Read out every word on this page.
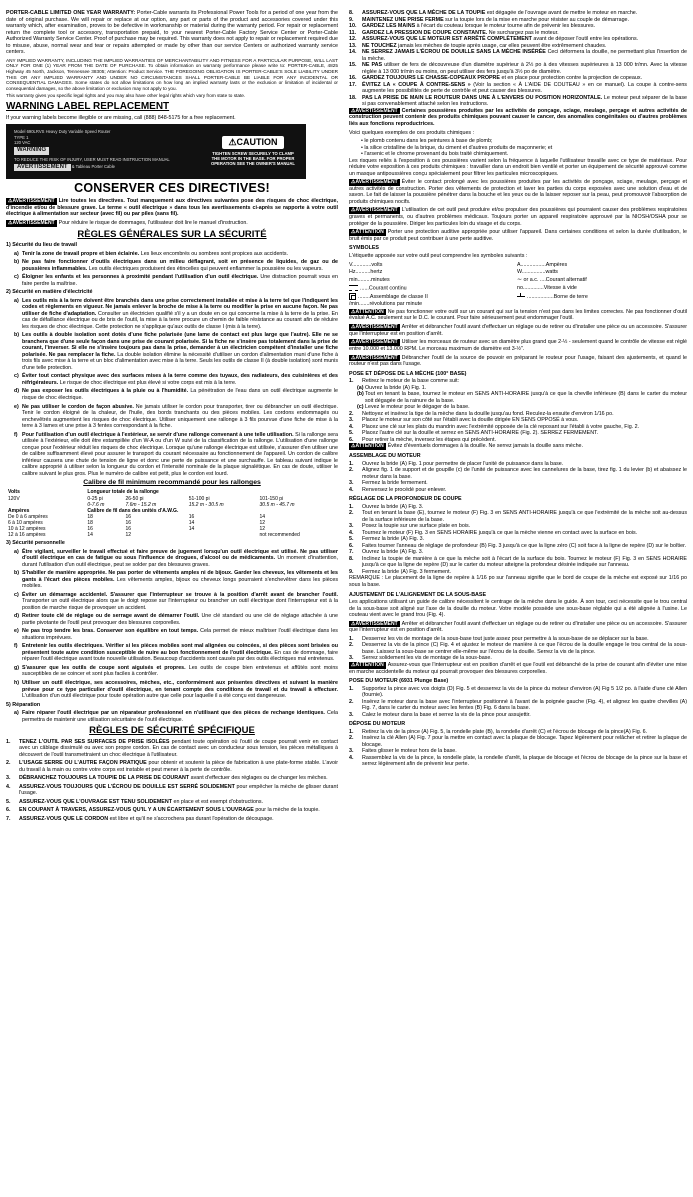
PORTER-CABLE LIMITED ONE YEAR WARRANTY: Porter-Cable warrants its Professional Power Tools for a period of one year from the date of original purchase. We will repair or replace at our option, any part or parts of the product and accessories covered under this warranty which, after examination, proves to be defective in workmanship or material during the warranty period. For repair or replacement return the complete tool or accessory, transportation prepaid, to your nearest Porter-Cable Factory Service Center or Porter-Cable Authorized Warranty Service Center. Proof of purchase may be required. This warranty does not apply to repair or replacement required due to misuse, abuse, normal wear and tear or repairs attempted or made by other than our service Centers or authorized warranty service centers.

ANY IMPLIED WARRANTY, INCLUDING THE IMPLIED WARRANTIES OF MERCHANTABILITY AND FITNESS FOR A PARTICULAR PURPOSE, WILL LAST ONLY FOR ONE (1) YEAR FROM THE DATE OF PURCHASE. To obtain information on warranty performance please write to: PORTER-CABLE, 4825 Highway 45 North, Jackson, Tennessee 38305; Attention: Product Service. THE FOREGOING OBLIGATION IS PORTER-CABLE'S SOLE LIABILITY UNDER THIS OR ANY IMPLIED WARRANTY AND UNDER NO CIRCUMSTANCES SHALL PORTER-CABLE BE LIABLE FOR ANY INCIDENTAL OR CONSEQUENTIAL DAMAGES. Some states do not allow limitations on how long an implied warranty lasts or the exclusion or limitation of incidental or consequential damages, so the above limitation or exclusion may not apply to you.

This warranty gives you specific legal rights and you may also have other legal rights which vary from state to state.

WARNING LABEL REPLACEMENT

If your warning labels become illegible or are missing, call (888) 848-5175 for a free replacement.

Model 690LRVS Heavy Duty Variable Speed Router
TYPE 1
120 VAC
WARNING
TO REDUCE THE RISK OF INJURY, USER MUST READ INSTRUCTION MANUAL
AVERTISSEMENT & Tableau Porter Cable
⚠CAUTION
TIGHTEN SCREW SECURELY TO CLAMP THE MOTOR IN THE BASE. FOR PROPER OPERATION SEE THE OWNER'S MANUAL
CONSERVER CES DIRECTIVES!

⚠AVERTISSEMENT Lire toutes les directives. Tout manquement aux directives suivantes pose des risques de choc électrique, d'incendie et/ou de blessure grave. Le terme « outil électrique » dans tous les avertissements ci-après se rapporte à votre outil électrique à alimentation sur secteur (avec fil) ou par piles (sans fil).

⚠AVERTISSEMENT Pour réduire le risque de dommages, l'utilisateur doit lire le manuel d'instruction.

RÈGLES GÉNÉRALES SUR LA SÉCURITÉ
1) Sécurité du lieu de travail
a) Tenir la zone de travail propre et bien éclairée. Les lieux encombrés ou sombres sont propices aux accidents.
b) Ne pas faire fonctionner d'outils électriques dans un milieu déflagrant, soit en présence de liquides, de gaz ou de poussières inflammables. Les outils électriques produisent des étincelles qui peuvent enflammer la poussière ou les vapeurs.
c) Éloigner les enfants et les personnes à proximité pendant l'utilisation d'un outil électrique. Une distraction pourrait vous en faire perdre la maîtrise.
2) Sécurité en matière d'électricité
a) Les outils mis à la terre doivent être branchés dans une prise correctement installée et mise à la terre tel que l'indiquent les codes et règlements en vigueur. Ne jamais enlever la broche de mise à la terre ou modifier la prise en aucune façon. Ne pas utiliser de fiche d'adaptation. Consulter un électricien qualifié s'il y a un doute en ce qui concerne la mise à la terre de la prise. En cas de défaillance électrique ou de bris de l'outil, la mise à la terre procure un chemin de faible résistance au courant afin de réduire les risques de choc électrique. Cette protection ne s'applique qu'aux outils de classe I (mis à la terre).
b) Les outils à double isolation sont dotés d'une fiche polarisée (une lame de contact est plus large que l'autre). Elle ne se branchera que d'une seule façon dans une prise de courant polarisée. Si la fiche ne s'insère pas totalement dans la prise de courant, l'inverser. Si elle ne s'insère toujours pas dans la prise, demander à un électricien compétent d'installer une fiche polarisée. Ne pas remplacer la fiche. La double isolation élimine la nécessité d'utiliser un cordon d'alimentation muni d'une fiche à trois fils avec mise à la terre et un bloc d'alimentation avec mise à la terre. Seuls les outils de classe II (à double isolation) sont munis d'une telle protection.
c) Éviter tout contact physique avec des surfaces mises à la terre comme des tuyaux, des radiateurs, des cuisinières et des réfrigérateurs. Le risque de choc électrique est plus élevé si votre corps est mis à la terre.
d) Ne pas exposer les outils électriques à la pluie ou à l'humidité. La pénétration de l'eau dans un outil électrique augmente le risque de choc électrique.
e) Ne pas utiliser le cordon de façon abusive. Ne jamais utiliser le cordon pour transporter, tirer ou débrancher un outil électrique. Tenir le cordon éloigné de la chaleur, de l'huile, des bords tranchants ou des pièces mobiles. Les cordons endommagés ou enchevêtrés augmentent les risques de choc électrique. Utiliser uniquement une rallonge à 3 fils pourvue d'une fiche de mise à la terre à 3 lames et une prise à 3 fentes correspondant à la fiche.
f) Pour l'utilisation d'un outil électrique à l'extérieur, se servir d'une rallonge convenant à une telle utilisation. Si la rallonge sera utilisée à l'extérieur, elle doit être estampillée d'un W-A ou d'un W suivi de la classification de la rallonge. L'utilisation d'une rallonge conçue pour l'extérieur réduit les risques de choc électrique. Lorsque qu'une rallonge électrique est utilisée, s'assurer d'en utiliser une de calibre suffisamment élevé pour assurer le transport du courant nécessaire au fonctionnement de l'appareil. Un cordon de calibre inférieur causera une chute de tension de ligne et donc une perte de puissance et une surchauffe. Le tableau suivant indique le calibre approprié à utiliser selon la longueur du cordon et l'intensité nominale de la plaque signalétique. En cas de doute, utiliser le calibre suivant le plus gros. Plus le numéro de calibre est petit, plus le cordon est lourd.
Calibre de fil minimum recommandé pour les rallonges
Volts	Longueur totale de la rallonge			
120V	0-25 pi	26-50 pi	51-100 pi	101-150 pi
	0-7.6 m	7.6m - 15.2 m	15.2 m - 30.5 m	30.5 m - 45.7 m
Ampères	Calibre de fil dans des unités d'A.W.G.			
De 0 à 6 ampères	18	16	16	14
6 à 10 ampères	18	16	14	12
10 à 12 ampères	16	16	14	12
12 à 16 ampères	14	12		not recommended
3) Sécurité personnelle
a) Être vigilant, surveiller le travail effectué et faire preuve de jugement lorsqu'un outil électrique est utilisé. Ne pas utiliser d'outil électrique en cas de fatigue ou sous l'influence de drogues, d'alcool ou de médicaments. Un moment d'inattention, durant l'utilisation d'un outil électrique, peut se solder par des blessures graves.
b) S'habiller de manière appropriée. Ne pas porter de vêtements amples ni de bijoux. Garder les cheveux, les vêtements et les gants à l'écart des pièces mobiles. Les vêtements amples, bijoux ou cheveux longs pourraient s'enchevêtrer dans les pièces mobiles.
c) Éviter un démarrage accidentel. S'assurer que l'interrupteur se trouve à la position d'arrêt avant de brancher l'outil. Transporter un outil électrique alors que le doigt repose sur l'interrupteur ou brancher un outil électrique dont l'interrupteur est à la position de marche risque de provoquer un accident.
d) Retirer toute clé de réglage ou de serrage avant de démarrer l'outil. Une clé standard ou une clé de réglage attachée à une partie pivotante de l'outil peut provoquer des blessures corporelles.
e) Ne pas trop tendre les bras. Conserver son équilibre en tout temps. Cela permet de mieux maîtriser l'outil électrique dans les situations imprévues.
f) Entretenir les outils électriques. Vérifier si les pièces mobiles sont mal alignées ou coincées, si des pièces sont brisées ou présentent toute autre condition susceptible de nuire au bon fonctionnement de l'outil électrique. En cas de dommage, faire réparer l'outil électrique avant toute nouvelle utilisation. Beaucoup d'accidents sont causés par des outils électriques mal entretenus.
g) S'assurer que les outils de coupe sont aiguisés et propres. Les outils de coupe bien entretenus et affûtés sont moins susceptibles de se coincer et sont plus faciles à contrôler.
h) Utiliser un outil électrique, ses accessoires, mèches, etc., conformément aux présentes directives et suivant la manière prévue pour ce type particulier d'outil électrique, en tenant compte des conditions de travail et du travail à effectuer. L'utilisation d'un outil électrique pour toute opération autre que celle pour laquelle il a été conçu est dangereuse.
5) Réparation
a) Faire réparer l'outil électrique par un réparateur professionnel en n'utilisant que des pièces de rechange identiques. Cela permettra de maintenir une utilisation sécuritaire de l'outil électrique.
RÈGLES DE SÉCURITÉ SPÉCIFIQUE
1.	TENEZ L'OUTIL PAR SES SURFACES DE PRISE ISOLÉES pendant toute opération où l'outil de coupe pourrait venir en contact avec un câblage dissimulé ou avec son propre cordon. En cas de contact avec un conducteur sous tension, les pièces métalliques à découvert de l'outil transmettraient un choc électrique à l'utilisateur.
2.	L'USAGE SERRE OU L'AUTRE FAÇON PRATIQUE pour obtenir et soutenir la pièce de fabrication à une plate-forme stable. L'avoir du travail à la main ou contre votre corps est instable et peut mener à la perte de contrôle.
3.	DÉBRANCHEZ TOUJOURS LA TOUPIE DE LA PRISE DE COURANT avant d'effectuer des réglages ou de changer les mèches.
4.	ASSUREZ-VOUS TOUJOURS QUE L'ÉCROU DE DOUILLE EST SERRÉ SOLIDEMENT pour empêcher la mèche de glisser durant l'usage.
5.	ASSUREZ-VOUS QUE L'OUVRAGE EST TENU SOLIDEMENT en place et est exempt d'obstructions.
6.	EN COUPANT À TRAVERS, ASSUREZ-VOUS QU'IL Y A UN ÉCARTEMENT SOUS L'OUVRAGE pour la mèche de la toupie.
7.	ASSUREZ-VOUS QUE LE CORDON est libre et qu'il ne s'accrochera pas durant l'opération de découpage.
8.	ASSUREZ-VOUS QUE LA MÈCHE DE LA TOUPIE est dégagée de l'ouvrage avant de mettre le moteur en marche.
9.	MAINTENEZ UNE PRISE FERME sur la toupie lors de la mise en marche pour résister au couple de démarrage.
10.	GARDEZ LES MAINS à l'écart du couteau lorsque le moteur tourne afin de prévenir les blessures.
11.	GARDEZ LA PRESSION DE COUPE CONSTANTE. Ne surchargez pas le moteur.
12.	ASSUREZ-VOUS QUE LE MOTEUR EST ARRÊTÉ COMPLÈTEMENT avant de déposer l'outil entre les opérations.
13.	NE TOUCHEZ jamais les mèches de toupie après usage, car elles peuvent être extrêmement chaudes.
14.	NE SERREZ JAMAIS L'ÉCROU DE DOUILLE SANS LA MÈCHE INSÉRÉE Ceci déformera la douille, ne permettant plus l'insertion de la mèche.
15.	NE PAS utiliser de fers de découvreuse d'un diamètre supérieur à 2½ po à des vitesses supérieures à 13 000 tr/mn. Avec la vitesse réglée à 13 000 tr/min ou moins, on peut utiliser des fers jusqu'à 3½ po de diamètre.
16.	GARDEZ TOUJOURS LE CHASSE-COPEAUX PROPRE et en place pour protection contre la projection de copeaux.
17.	ÉVITEZ LA « COUPE À CONTRE-SENS » (Voir la section « À L'AIDE DE COUTEAU » en ce manuel). La coupe à contre-sens augmente les possibilités de perte de contrôle et peut causer des blessures.
18.	PAS LA PRISE DE MAIN LE ROUTEUR DANS UNE À L'ENVERS OU POSITION HORIZONTALE. Le moteur peut séparer de la base si pas convenablement attaché selon les instructions.

⚠AVERTISSEMENT Certaines poussières produites par les activités de ponçage, sciage, meulage, perçage et autres activités de construction peuvent contenir des produits chimiques pouvant causer le cancer, des anomalies congénitales ou d'autres problèmes liés aux fonctions reproductrices.

Voici quelques exemples de ces produits chimiques :

• le plomb contenu dans les peintures à base de plomb;
• la silice cristalline de la brique, du ciment et d'autres produits de maçonnerie; et
• l'arsenic et le chrome provenant du bois traité chimiquement.

Les risques reliés à l'exposition à ces poussières varient selon la fréquence à laquelle l'utilisateur travaille avec ce type de matériaux. Pour réduire votre exposition à ces produits chimiques : travailler dans un endroit bien ventilé et porter un équipement de sécurité approuvé comme un masque antipoussières conçu spécialement pour filtrer les particules microscopiques.

⚠AVERTISSEMENT Éviter le contact prolongé avec les poussières produites par les activités de ponçage, sciage, meulage, perçage et autres activités de construction. Porter des vêtements de protection et laver les parties du corps exposées avec une solution d'eau et de savon. Le fait de laisser la poussière pénétrer dans la bouche et les yeux ou de la laisser reposer sur la peau, peut promouvoir l'absorption de produits chimiques nocifs.

⚠AVERTISSEMENT L'utilisation de cet outil peut produire et/ou propulser des poussières qui pourraient causer des problèmes respiratoires graves et permanents, ou d'autres problèmes médicaux. Toujours porter un appareil respiratoire approuvé par la NIOSH/OSHA pour se protéger de la poussière. Diriger les particules loin du visage et du corps.

⚠ATTENTION Porter une protection auditive appropriée pour utiliser l'appareil. Dans certaines conditions et selon la durée d'utilisation, le bruit émis par ce produit peut contribuer à une perte auditive.

SYMBOLES

L'étiquette apposée sur votre outil peut comprendre les symboles suivants :

V.............volts	A.................Ampères
Hz..........hertz	W................watts
min.........minutes	∼ or a.c. ....Courant alternatif
......Courant continu	no..............Vitesse à vide
........Assemblage de classe II	..................Borne de terre
/min.......révolutions par minute

⚠ATTENTION Ne pas fonctionner votre outil sur un courant qui sur la tension n'est pas dans les limites correctes. Ne pas fonctionner d'outil évalué A.C. seulement sur le D.C. le courant. Pour faire sérieusement peut endommager l'outil.

⚠AVERTISSEMENT Arrêter et débrancher l'outil avant d'effectuer un réglage ou de retirer ou d'installer une pièce ou un accessoire. S'assurer que l'interrupteur est en position d'arrêt.

⚠AVERTISSEMENT Utiliser les morceaux de routeur avec un diamètre plus grand que 2-½ - seulement quand le contrôle de vitesse est réglé entre 10.000 et 13.000 RPM. Le morceau maximum de diamètre est 3-½".

⚠AVERTISSEMENT Débrancher l'outil de la source de pouvoir en préparant le routeur pour l'usage, faisant des ajustements, et quand le routeur n'est pas dans l'usage.

POSE ET DÉPOSE DE LA MÈCHE (100° BASE)
1.	Retirez le moteur de la base comme suit:
(a) Ouvrez la bride (A) Fig. 1.
(b) Tout en tenant la base, tournez le moteur en SENS ANTI-HORAIRE jusqu'à ce que la cheville inférieure (B) dans le carter du moteur soit dégagée de la rainure de la base.
(c) Levez le moteur pour le dégager de la base.
2.	Nettoyez et insérez la tige de la mèche dans la douille jusqu'au fond. Reculez-la ensuite d'environ 1/16 po.
3.	Placez le moteur sur son côté sur l'établi avec la douille dirigée EN SENS OPPOSÉ à vous.
4.	Placez une clé sur les plats du mandrin avec l'extrémité opposée de la clé reposant sur l'établi à votre gauche, Fig. 2.
5.	Placez l'autre clé sur la douille et serrez en SENS ANTI-HORAIRE (Fig. 2). SERREZ FERMEMENT.
6.	Pour retirer la mèche, inversez les étapes qui précèdent.

⚠ATTENTION Évitez d'éventuels dommages à la douille. Ne serrez jamais la douille sans mèche.

ASSEMBLAGE DU MOTEUR
1.	Ouvrez la bride (A) Fig. 1 pour permettre de placer l'unité de puissance dans la base.
2.	Alignez fig. 1 de support et de goupille (c) de l'unité de puissance avec les cannelures de la base, tirez fig. 1 du levier (b) et abaissez le moteur dans la base.
3.	Fermez la bride fermement.
4.	Renversez le procédé pour enlever.
RÉGLAGE DE LA PROFONDEUR DE COUPE
1.	Ouvrez la bride (A) Fig. 3.
2.	Tout en tenant la base (E), tournez le moteur (F) Fig. 3 en SENS ANTI-HORAIRE jusqu'à ce que l'extrémité de la mèche soit au-dessus de la surface inférieure de la base.
3.	Posez la toupie sur une surface plate en bois.
4.	Tournez le moteur (F) Fig. 3 en SENS HORAIRE jusqu'à ce que la mèche vienne en contact avec la surface en bois.
5.	Fermez la bride (A) Fig. 3.
6.	Faites tourner l'anneau de réglage de profondeur (B) Fig. 3 jusqu'à ce que la ligne zéro (C) soit face à la ligne de repère (D) sur le boîtier.
7.	Ouvrez la bride (A) Fig. 3.
8.	Inclinez la toupie de manière à ce que la mèche soit à l'écart de la surface du bois. Tournez le moteur (F) Fig. 3 en SENS HORAIRE jusqu'à ce que la ligne de repère (D) sur le carter du moteur atteigne la profondeur désirée indiquée sur l'anneau.
9.	Fermez la bride (A) Fig. 3 fermement.

REMARQUE : Le placement de la ligne de repère à 1/16 po sur l'anneau signifie que le bord de coupe de la mèche est exposé sur 1/16 po sous la base.

AJUSTEMENT DE L'ALIGNEMENT DE LA SOUS-BASE

Les applications utilisant un guide de calibre nécessitent le centrage de la mèche dans le guide. À son tour, ceci nécessite que le trou central de la sous-base soit aligné sur l'axe de la douille du moteur. Votre modèle possède une sous-base réglable qui a été alignée à l'usine. Le couteau vient avec le grand trou (Fig. 4).

⚠AVERTISSEMENT Arrêter et débrancher l'outil avant d'effectuer un réglage ou de retirer ou d'installer une pièce ou un accessoire. S'assurer que l'interrupteur est en position d'arrêt.

1.	Desserrez les vis de montage de la sous-base tout juste assez pour permettre à la sous-base de se déplacer sur la base.
2.	Desserrez la vis de la pince (C) Fig. 4 et ajustez le moteur de manière à ce que l'écrou de la douille engage le trou central de la sous-base. Laissez la sous-base se centrer elle-même sur l'écrou de la douille. Serrez la vis de la pince.
3.	Serrez solidement les vis de montage de la sous-base.

⚠ATTENTION Assurez-vous que l'interrupteur est en position d'arrêt et que l'outil est débranché de la prise de courant afin d'éviter une mise en marche accidentelle du moteur qui pourrait provoquer des blessures corporelles.

POSE DU MOTEUR (6931 Plunge Base)
1.	Supportez la pince avec vos doigts (D) Fig. 5 et desserrez la vis de la pince du moteur d'environ (A) Fig 5 1/2 po. à l'aide d'une clé Allen (fournie).
2.	Insérez le moteur dans la base avec l'interrupteur positionné à l'avant de la poignée gauche (Fig. 4), et alignez les quatre chevilles (A) Fig. 7, dans le carter du moteur avec les fentes (B) Fig. 6 dans la base.
3.	Calez le moteur dans la base et serrez la vis de la pince pour assujettir.
DÉPOSE DU MOTEUR
1.	Retirez la vis de la pince (A) Fig. 5, la rondelle plate (B), la rondelle d'arrêt (C) et l'écrou de blocage de la pince(A) Fig. 6.
2.	Insérez la clé Allen (A) Fig. 7 pour la mettre en contact avec la plaque de blocage. Tapez légèrement pour relâcher et retirer la plaque de blocage.
3.	Faites glisser le moteur hors de la base.
4.	Rassemblez la vis de la pince, la rondelle plate, la rondelle d'arrêt, la plaque de blocage et l'écrou de blocage de la pince sur la base et serrez légèrement afin de prévenir leur perte.
